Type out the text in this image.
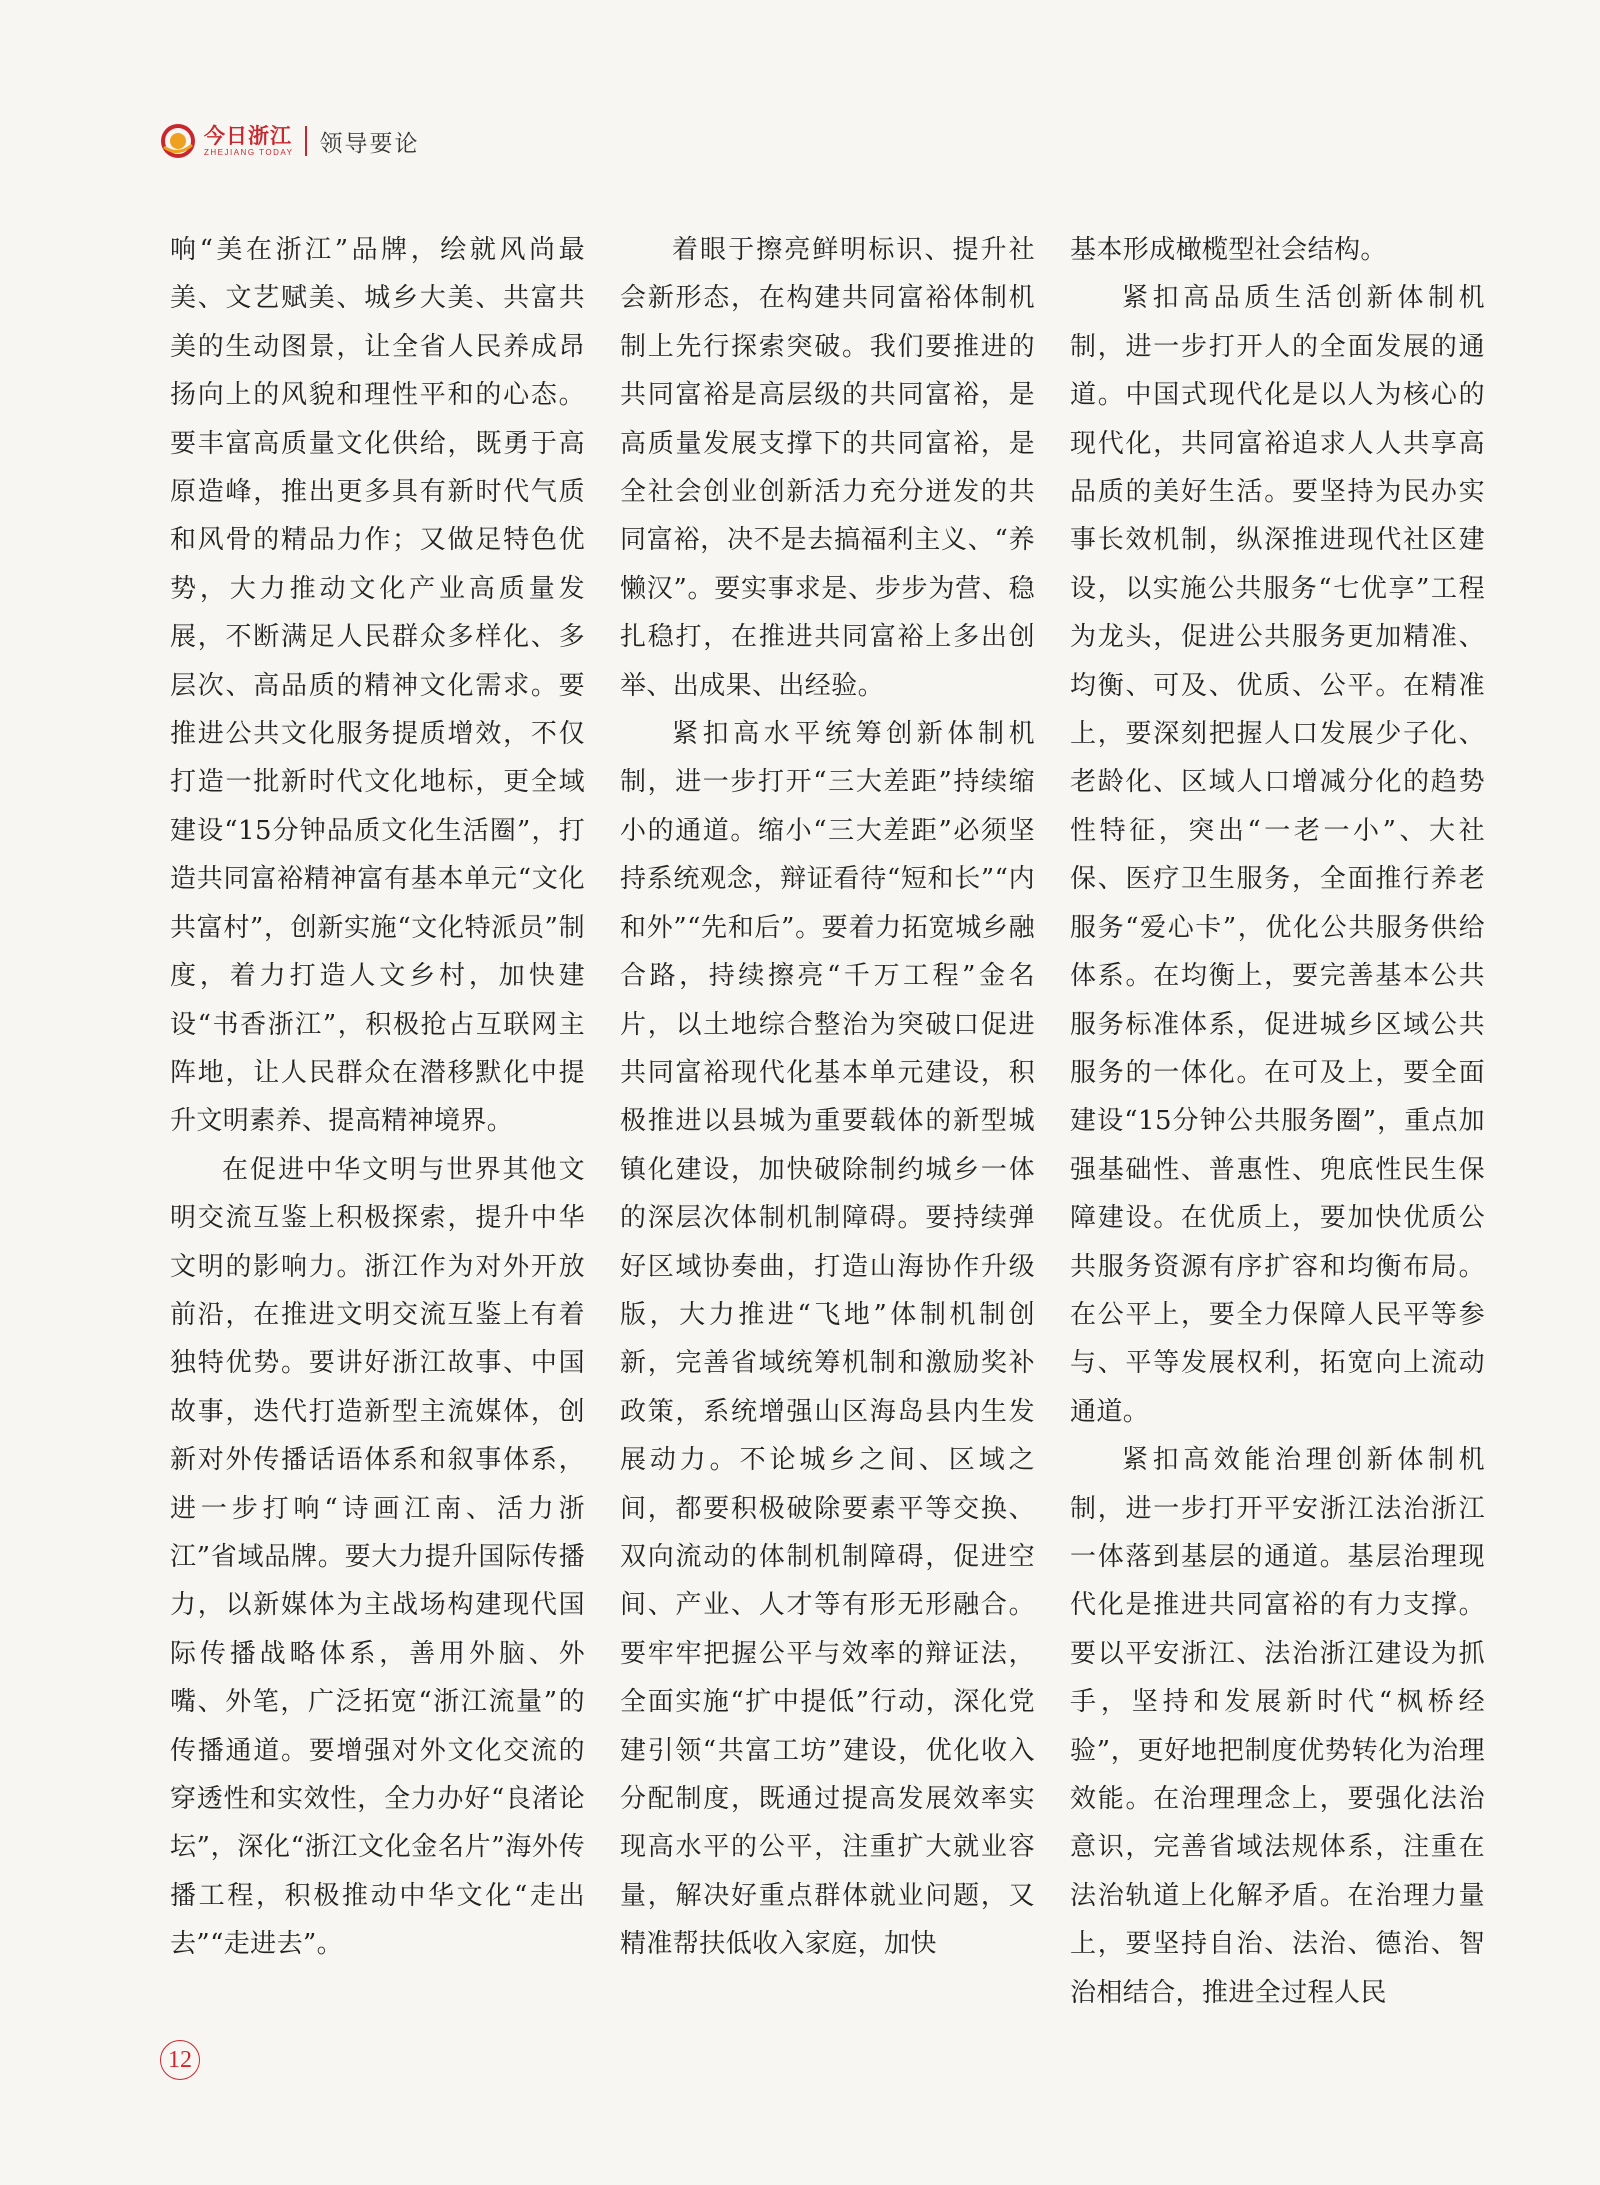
今日浙江
ZHEJIANG TODAY 领导要论

响“美在浙江”品牌，绘就风尚最美、文艺赋美、城乡大美、共富共美的生动图景，让全省人民养成昂扬向上的风貌和理性平和的心态。要丰富高质量文化供给，既勇于高原造峰，推出更多具有新时代气质和风骨的精品力作；又做足特色优势，大力推动文化产业高质量发展，不断满足人民群众多样化、多层次、高品质的精神文化需求。要推进公共文化服务提质增效，不仅打造一批新时代文化地标，更全域建设“15分钟品质文化生活圈”，打造共同富裕精神富有基本单元“文化共富村”，创新实施“文化特派员”制度，着力打造人文乡村，加快建设“书香浙江”，积极抢占互联网主阵地，让人民群众在潜移默化中提升文明素养、提高精神境界。

在促进中华文明与世界其他文明交流互鉴上积极探索，提升中华文明的影响力。浙江作为对外开放前沿，在推进文明交流互鉴上有着独特优势。要讲好浙江故事、中国故事，迭代打造新型主流媒体，创新对外传播话语体系和叙事体系，进一步打响“诗画江南、活力浙江”省域品牌。要大力提升国际传播力，以新媒体为主战场构建现代国际传播战略体系，善用外脑、外嘴、外笔，广泛拓宽“浙江流量”的传播通道。要增强对外文化交流的穿透性和实效性，全力办好“良渚论坛”，深化“浙江文化金名片”海外传播工程，积极推动中华文化“走出去”“走进去”。

着眼于擦亮鲜明标识、提升社会新形态，在构建共同富裕体制机制上先行探索突破。我们要推进的共同富裕是高层级的共同富裕，是高质量发展支撑下的共同富裕，是全社会创业创新活力充分迸发的共同富裕，决不是去搞福利主义、“养懒汉”。要实事求是、步步为营、稳扎稳打，在推进共同富裕上多出创举、出成果、出经验。

紧扣高水平统筹创新体制机制，进一步打开“三大差距”持续缩小的通道。缩小“三大差距”必须坚持系统观念，辩证看待“短和长”“内和外”“先和后”。要着力拓宽城乡融合路，持续擦亮“千万工程”金名片，以土地综合整治为突破口促进共同富裕现代化基本单元建设，积极推进以县城为重要载体的新型城镇化建设，加快破除制约城乡一体的深层次体制机制障碍。要持续弹好区域协奏曲，打造山海协作升级版，大力推进“飞地”体制机制创新，完善省域统筹机制和激励奖补政策，系统增强山区海岛县内生发展动力。不论城乡之间、区域之间，都要积极破除要素平等交换、双向流动的体制机制障碍，促进空间、产业、人才等有形无形融合。要牢牢把握公平与效率的辩证法，全面实施“扩中提低”行动，深化党建引领“共富工坊”建设，优化收入分配制度，既通过提高发展效率实现高水平的公平，注重扩大就业容量，解决好重点群体就业问题，又精准帮扶低收入家庭，加快

基本形成橄榄型社会结构。

紧扣高品质生活创新体制机制，进一步打开人的全面发展的通道。中国式现代化是以人为核心的现代化，共同富裕追求人人共享高品质的美好生活。要坚持为民办实事长效机制，纵深推进现代社区建设，以实施公共服务“七优享”工程为龙头，促进公共服务更加精准、均衡、可及、优质、公平。在精准上，要深刻把握人口发展少子化、老龄化、区域人口增减分化的趋势性特征，突出“一老一小”、大社保、医疗卫生服务，全面推行养老服务“爱心卡”，优化公共服务供给体系。在均衡上，要完善基本公共服务标准体系，促进城乡区域公共服务的一体化。在可及上，要全面建设“15分钟公共服务圈”，重点加强基础性、普惠性、兜底性民生保障建设。在优质上，要加快优质公共服务资源有序扩容和均衡布局。在公平上，要全力保障人民平等参与、平等发展权利，拓宽向上流动通道。

紧扣高效能治理创新体制机制，进一步打开平安浙江法治浙江一体落到基层的通道。基层治理现代化是推进共同富裕的有力支撑。要以平安浙江、法治浙江建设为抓手，坚持和发展新时代“枫桥经验”，更好地把制度优势转化为治理效能。在治理理念上，要强化法治意识，完善省域法规体系，注重在法治轨道上化解矛盾。在治理力量上，要坚持自治、法治、德治、智治相结合，推进全过程人民

12
